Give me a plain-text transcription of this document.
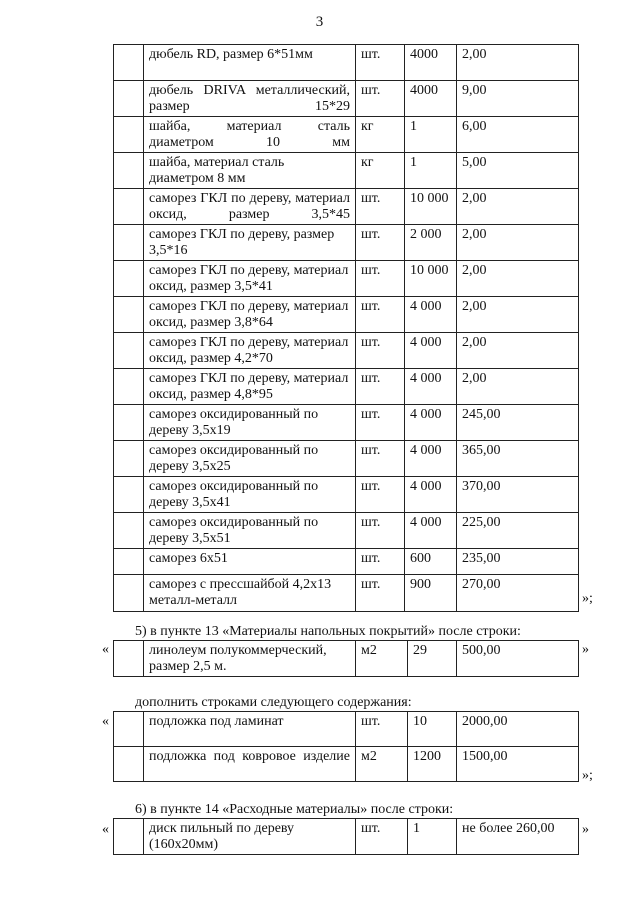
3
	дюбель RD, размер 6*51мм	шт.	4000	2,00
	дюбель DRIVA металлический, размер 15*29	шт.	4000	9,00
	шайба, материал сталь диаметром 10 мм	кг	1	6,00
	шайба, материал сталь диаметром 8 мм	кг	1	5,00
	саморез ГКЛ по дереву, материал оксид, размер 3,5*45	шт.	10 000	2,00
	саморез ГКЛ по дереву, размер 3,5*16	шт.	2 000	2,00
	саморез ГКЛ по дереву, материал оксид, размер 3,5*41	шт.	10 000	2,00
	саморез ГКЛ по дереву, материал оксид, размер 3,8*64	шт.	4 000	2,00
	саморез ГКЛ по дереву, материал оксид, размер 4,2*70	шт.	4 000	2,00
	саморез ГКЛ по дереву, материал оксид, размер 4,8*95	шт.	4 000	2,00
	саморез оксидированный по дереву 3,5x19	шт.	4 000	245,00
	саморез оксидированный по дереву 3,5x25	шт.	4 000	365,00
	саморез оксидированный по дереву 3,5x41	шт.	4 000	370,00
	саморез оксидированный по дереву 3,5x51	шт.	4 000	225,00
	саморез 6x51	шт.	600	235,00
	саморез с прессшайбой 4,2x13 металл-металл	шт.	900	270,00
»;
5) в пункте 13 «Материалы напольных покрытий» после строки:
«
		линолеум полукоммерческий, размер 2,5 м.	м2	29	500,00	»
дополнить строками следующего содержания:
«
		подложка под ламинат	шт.	10	2000,00
	подложка под ковровое изделие	м2	1200	1500,00
»;
6) в пункте 14 «Расходные материалы» после строки:
«
		диск пильный по дереву (160x20мм)	шт.	1	не более 260,00 »
